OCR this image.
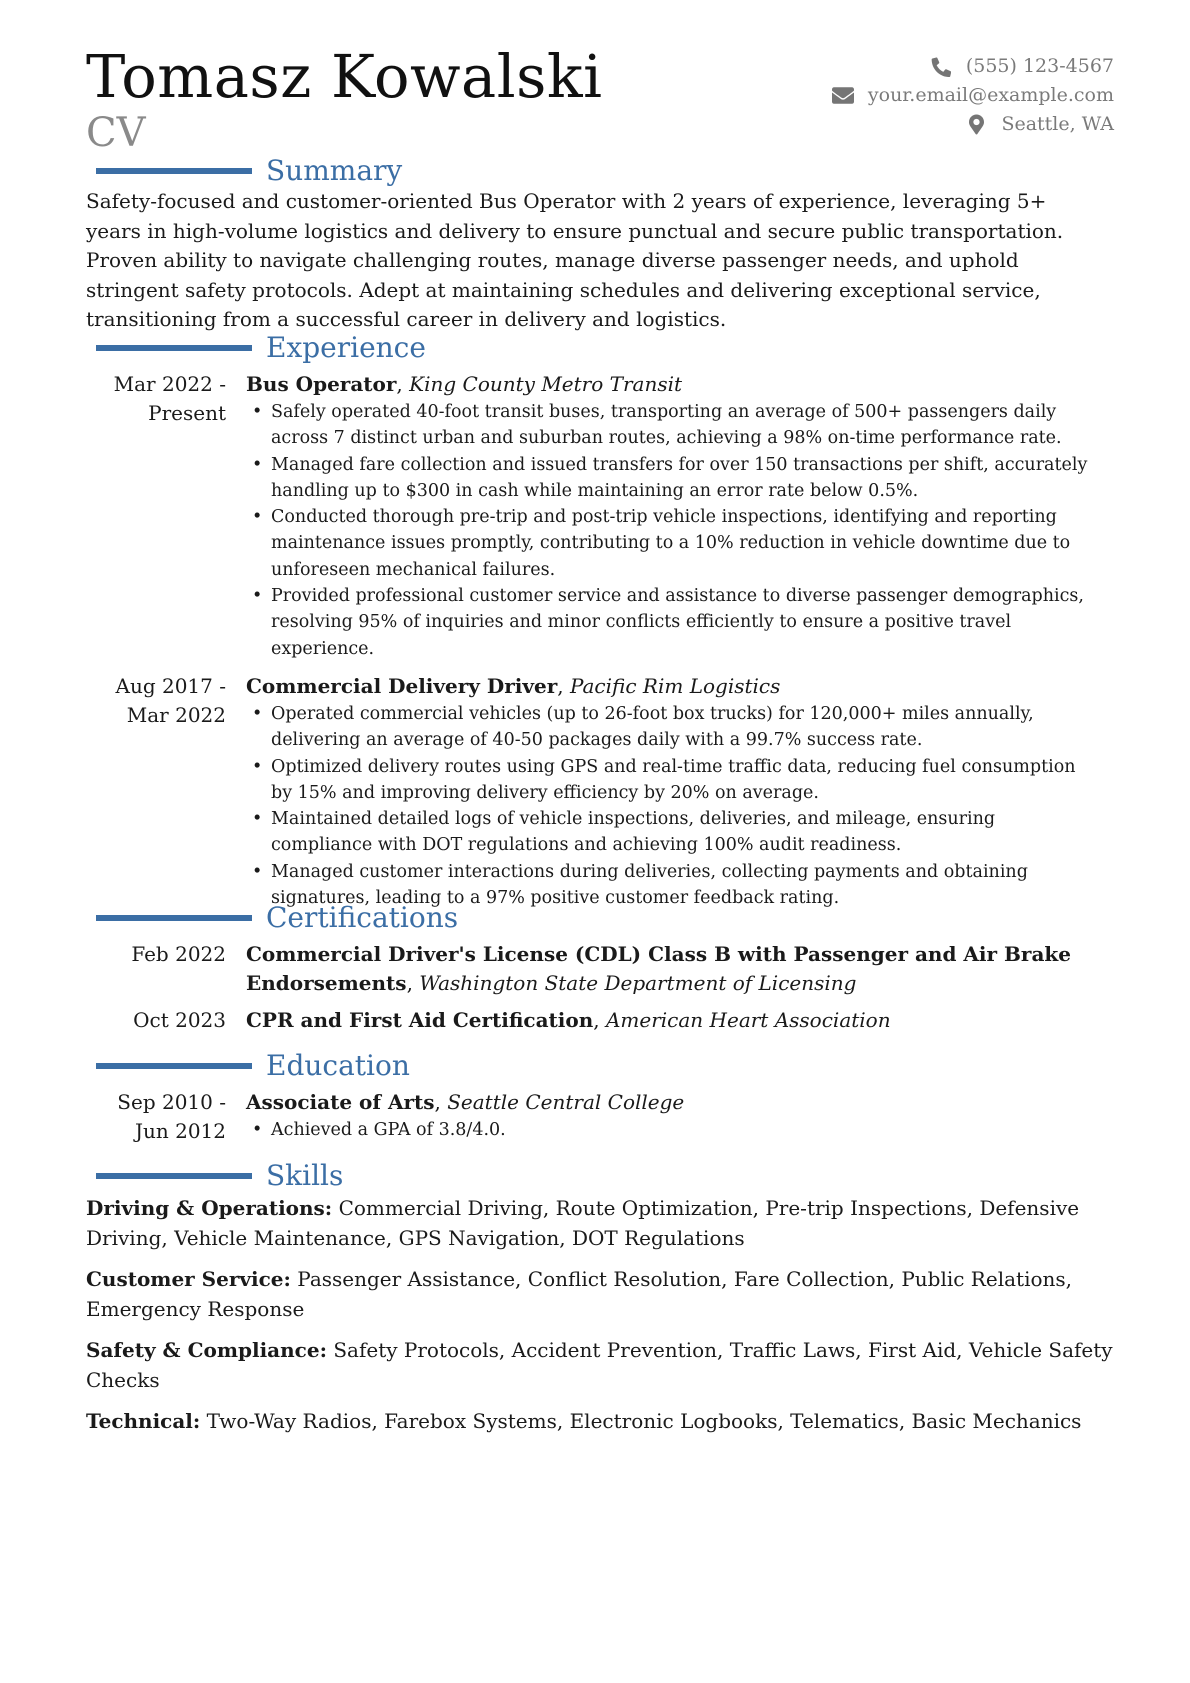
Tomasz Kowalski
CV
(555) 123-4567
your.email@example.com
Seattle, WA
Summary

Safety-focused and customer-oriented Bus Operator with 2 years of experience, leveraging 5+ years in high-volume logistics and delivery to ensure punctual and secure public transportation. Proven ability to navigate challenging routes, manage diverse passenger needs, and uphold stringent safety protocols. Adept at maintaining schedules and delivering exceptional service, transitioning from a successful career in delivery and logistics.

Experience
Mar 2022 - Present
Bus Operator, King County Metro Transit
• Safely operated 40-foot transit buses, transporting an average of 500+ passengers daily across 7 distinct urban and suburban routes, achieving a 98% on-time performance rate.
• Managed fare collection and issued transfers for over 150 transactions per shift, accurately handling up to $300 in cash while maintaining an error rate below 0.5%.
• Conducted thorough pre-trip and post-trip vehicle inspections, identifying and reporting maintenance issues promptly, contributing to a 10% reduction in vehicle downtime due to unforeseen mechanical failures.
• Provided professional customer service and assistance to diverse passenger demographics, resolving 95% of inquiries and minor conflicts efficiently to ensure a positive travel experience.
Aug 2017 - Mar 2022
Commercial Delivery Driver, Pacific Rim Logistics
• Operated commercial vehicles (up to 26-foot box trucks) for 120,000+ miles annually, delivering an average of 40-50 packages daily with a 99.7% success rate.
• Optimized delivery routes using GPS and real-time traffic data, reducing fuel consumption by 15% and improving delivery efficiency by 20% on average.
• Maintained detailed logs of vehicle inspections, deliveries, and mileage, ensuring compliance with DOT regulations and achieving 100% audit readiness.
• Managed customer interactions during deliveries, collecting payments and obtaining signatures, leading to a 97% positive customer feedback rating.
Certifications
Feb 2022	Commercial Driver's License (CDL) Class B with Passenger and Air Brake Endorsements, Washington State Department of Licensing
Oct 2023	CPR and First Aid Certification, American Heart Association
Education
Sep 2010 - Jun 2012
Associate of Arts, Seattle Central College
• Achieved a GPA of 3.8/4.0.
Skills

Driving & Operations: Commercial Driving, Route Optimization, Pre-trip Inspections, Defensive Driving, Vehicle Maintenance, GPS Navigation, DOT Regulations

Customer Service: Passenger Assistance, Conflict Resolution, Fare Collection, Public Relations, Emergency Response

Safety & Compliance: Safety Protocols, Accident Prevention, Traffic Laws, First Aid, Vehicle Safety Checks

Technical: Two-Way Radios, Farebox Systems, Electronic Logbooks, Telematics, Basic Mechanics
